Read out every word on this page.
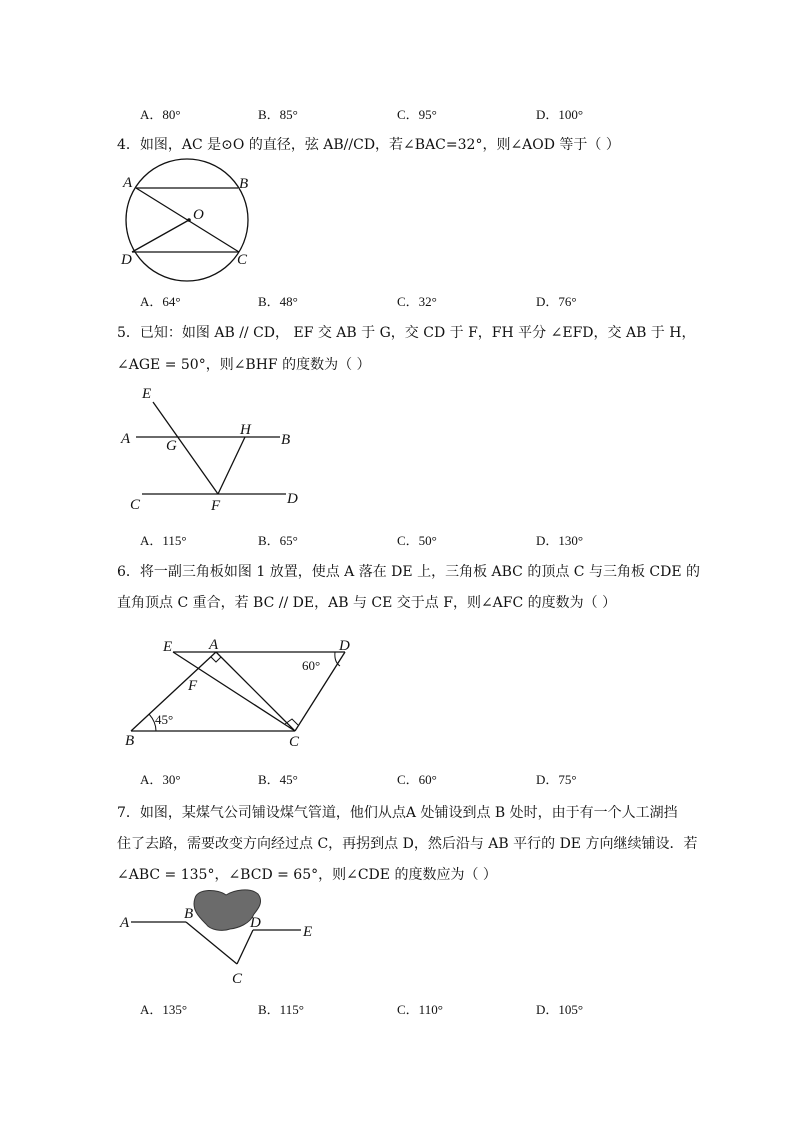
A．80°	B．85°	C．95°	D．100°
4．如图，AC 是⊙O 的直径，弦 AB//CD，若∠BAC=32°，则∠AOD 等于（ ）
A	B
O
D	C
A．64°	B．48°	C．32°	D．76°
5．已知：如图 AB // CD， EF 交 AB 于 G，交 CD 于 F，FH 平分 ∠EFD，交 AB 于 H，
∠AGE = 50°，则∠BHF 的度数为（ ）
E
A G
H
B
C	F	D
A．115°	B．65°	C．50°	D．130°
6．将一副三角板如图 1 放置，使点 A 落在 DE 上，三角板 ABC 的顶点 C 与三角板 CDE 的
直角顶点 C 重合，若 BC // DE，AB 与 CE 交于点 F，则∠AFC 的度数为（ ）
E A	D
F
B	C
60°
45°
A．30°	B．45°	C．60°	D．75°
7．如图，某煤气公司铺设煤气管道，他们从点A 处铺设到点 B 处时，由于有一个人工湖挡
住了去路，需要改变方向经过点 C，再拐到点 D，然后沿与 AB 平行的 DE 方向继续铺设．若
∠ABC = 135°，∠BCD = 65°，则∠CDE 的度数应为（ ）
A
B
D
E
C
A．135°	B．115°	C．110°	D．105°
